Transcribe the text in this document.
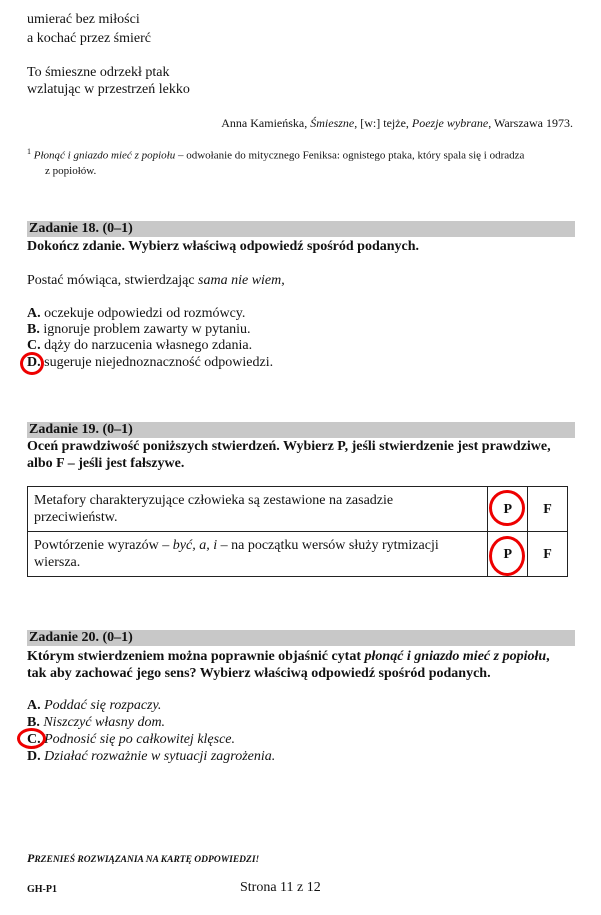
umierać bez miłości
a kochać przez śmierć
To śmieszne odrzekł ptak
wzlatując w przestrzeń lekko
Anna Kamieńska, Śmieszne, [w:] tejże, Poezje wybrane, Warszawa 1973.
$^1$ Płonąć i gniazdo mieć z popiołu – odwołanie do mitycznego Feniksa: ognistego ptaka, który spala się i odradza
z popiołów.
Zadanie 18. (0–1)
Dokończ zdanie. Wybierz właściwą odpowiedź spośród podanych.
Postać mówiąca, stwierdzając sama nie wiem,
A. oczekuje odpowiedzi od rozmówcy.
B. ignoruje problem zawarty w pytaniu.
C. dąży do narzucenia własnego zdania.
D. sugeruje niejednoznaczność odpowiedzi.
Zadanie 19. (0–1)
Oceń prawdziwość poniższych stwierdzeń. Wybierz P, jeśli stwierdzenie jest prawdziwe, albo F – jeśli jest fałszywe.
Metafory charakteryzujące człowieka są zestawione na zasadzie
przeciwieństw.	P	F
Powtórzenie wyrazów – być, a, i – na początku wersów służy rytmizacji
wiersza.	P	F
Zadanie 20. (0–1)
Którym stwierdzeniem można poprawnie objaśnić cytat płonąć i gniazdo mieć z popiołu,
tak aby zachować jego sens? Wybierz właściwą odpowiedź spośród podanych.
A. Poddać się rozpaczy.
B. Niszczyć własny dom.
C. Podnosić się po całkowitej klęsce.
D. Działać rozważnie w sytuacji zagrożenia.
PRZENIEŚ ROZWIĄZANIA NA KARTĘ ODPOWIEDZI!
GH-P1	Strona 11 z 12
